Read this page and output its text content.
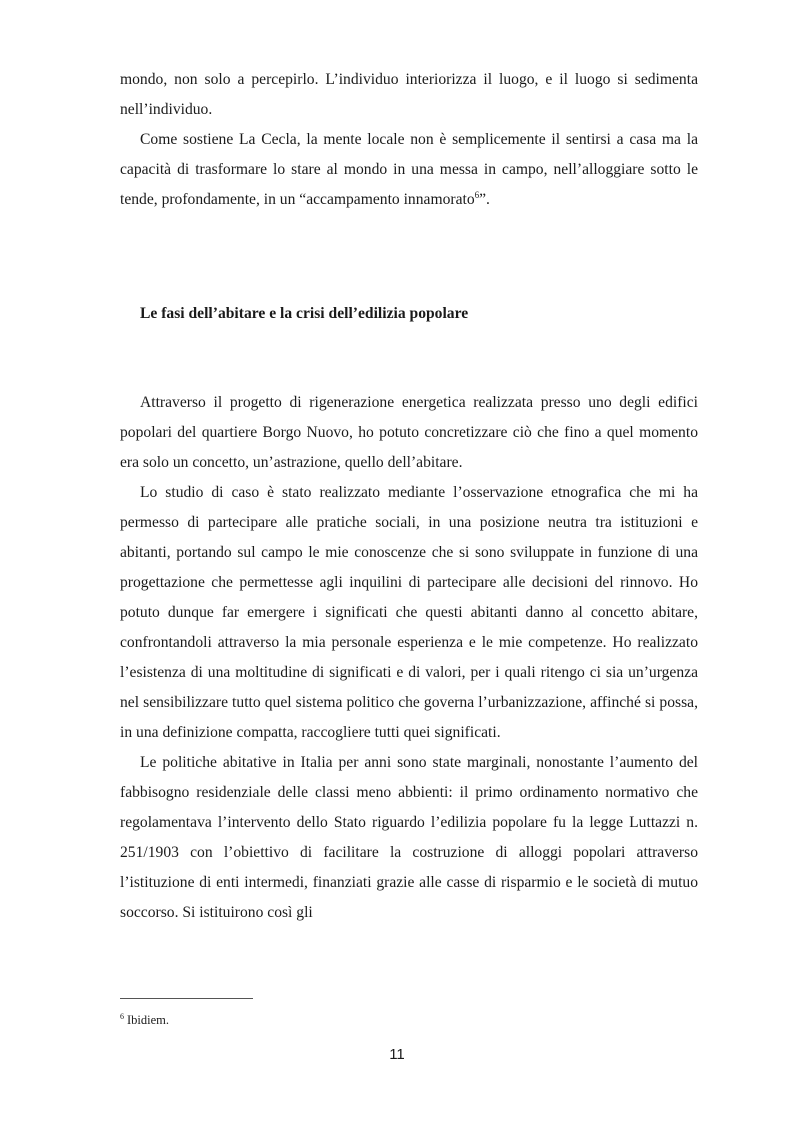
mondo, non solo a percepirlo. L’individuo interiorizza il luogo, e il luogo si sedimenta nell’individuo.

Come sostiene La Cecla, la mente locale non è semplicemente il sentirsi a casa ma la capacità di trasformare lo stare al mondo in una messa in campo, nell’alloggiare sotto le tende, profondamente, in un “accampamento innamorato$^6$”.

Le fasi dell’abitare e la crisi dell’edilizia popolare

Attraverso il progetto di rigenerazione energetica realizzata presso uno degli edifici popolari del quartiere Borgo Nuovo, ho potuto concretizzare ciò che fino a quel momento era solo un concetto, un’astrazione, quello dell’abitare.

Lo studio di caso è stato realizzato mediante l’osservazione etnografica che mi ha permesso di partecipare alle pratiche sociali, in una posizione neutra tra istituzioni e abitanti, portando sul campo le mie conoscenze che si sono sviluppate in funzione di una progettazione che permettesse agli inquilini di partecipare alle decisioni del rinnovo. Ho potuto dunque far emergere i significati che questi abitanti danno al concetto abitare, confrontandoli attraverso la mia personale esperienza e le mie competenze. Ho realizzato l’esistenza di una moltitudine di significati e di valori, per i quali ritengo ci sia un’urgenza nel sensibilizzare tutto quel sistema politico che governa l’urbanizzazione, affinché si possa, in una definizione compatta, raccogliere tutti quei significati.

Le politiche abitative in Italia per anni sono state marginali, nonostante l’aumento del fabbisogno residenziale delle classi meno abbienti: il primo ordinamento normativo che regolamentava l’intervento dello Stato riguardo l’edilizia popolare fu la legge Luttazzi n. 251/1903 con l’obiettivo di facilitare la costruzione di alloggi popolari attraverso l’istituzione di enti intermedi, finanziati grazie alle casse di risparmio e le società di mutuo soccorso. Si istituirono così gli

$^6$ Ibidiem.

11
